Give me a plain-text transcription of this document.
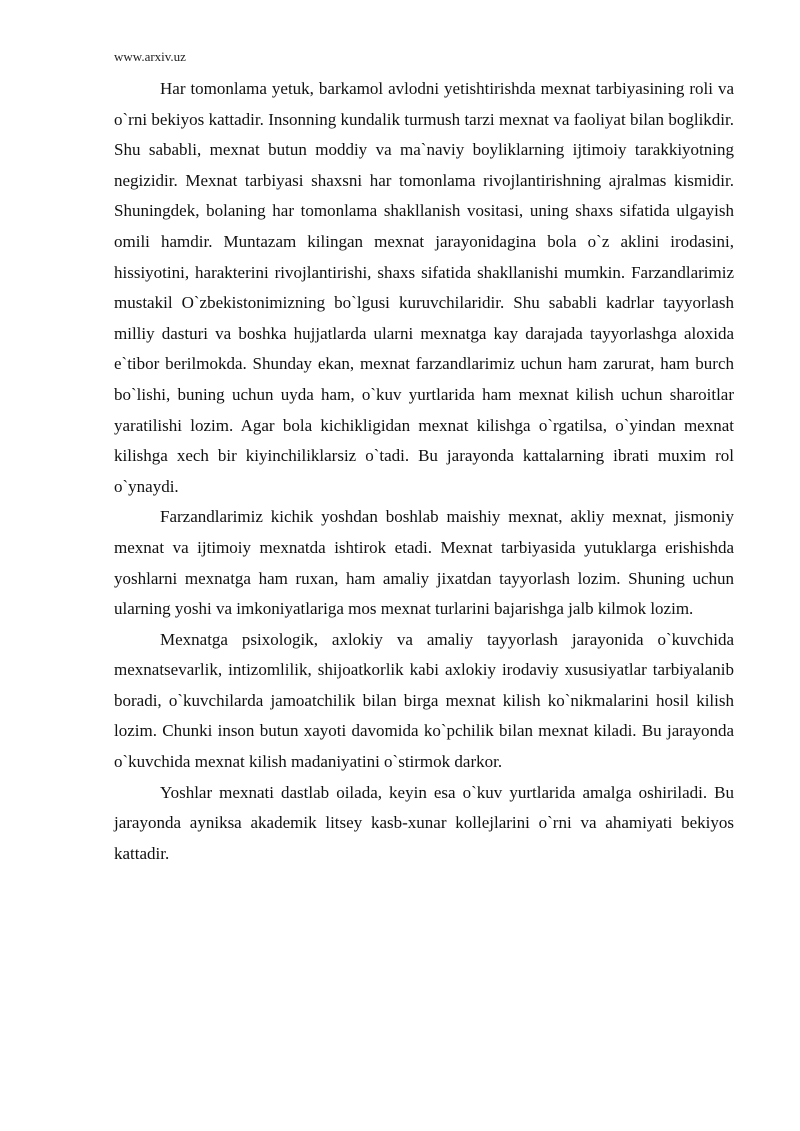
www.arxiv.uz

Har tomonlama yetuk, barkamol avlodni yetishtirishda mexnat tarbiyasining roli va o`rni bekiyos kattadir. Insonning kundalik turmush tarzi mexnat va faoliyat bilan boglikdir. Shu sababli, mexnat butun moddiy va ma`naviy boyliklarning ijtimoiy tarakkiyotning negizidir. Mexnat tarbiyasi shaxsni har tomonlama rivojlantirishning ajralmas kismidir. Shuningdek, bolaning har tomonlama shakllanish vositasi, uning shaxs sifatida ulgayish omili hamdir. Muntazam kilingan mexnat jarayonidagina bola o`z aklini irodasini, hissiyotini, harakterini rivojlantirishi, shaxs sifatida shakllanishi mumkin. Farzandlarimiz mustakil O`zbekistonimizning bo`lgusi kuruvchilaridir. Shu sababli kadrlar tayyorlash milliy dasturi va boshka hujjatlarda ularni mexnatga kay darajada tayyorlashga aloxida e`tibor berilmokda. Shunday ekan, mexnat farzandlarimiz uchun ham zarurat, ham burch bo`lishi, buning uchun uyda ham, o`kuv yurtlarida ham mexnat kilish uchun sharoitlar yaratilishi lozim. Agar bola kichikligidan mexnat kilishga o`rgatilsa, o`yindan mexnat kilishga xech bir kiyinchiliklarsiz o`tadi. Bu jarayonda kattalarning ibrati muxim rol o`ynaydi.

Farzandlarimiz kichik yoshdan boshlab maishiy mexnat, akliy mexnat, jismoniy mexnat va ijtimoiy mexnatda ishtirok etadi. Mexnat tarbiyasida yutuklarga erishishda yoshlarni mexnatga ham ruxan, ham amaliy jixatdan tayyorlash lozim. Shuning uchun ularning yoshi va imkoniyatlariga mos mexnat turlarini bajarishga jalb kilmok lozim.

Mexnatga psixologik, axlokiy va amaliy tayyorlash jarayonida o`kuvchida mexnatsevarlik, intizomlilik, shijoatkorlik kabi axlokiy irodaviy xususiyatlar tarbiyalanib boradi, o`kuvchilarda jamoatchilik bilan birga mexnat kilish ko`nikmalarini hosil kilish lozim. Chunki inson butun xayoti davomida ko`pchilik bilan mexnat kiladi. Bu jarayonda o`kuvchida mexnat kilish madaniyatini o`stirmok darkor.

Yoshlar mexnati dastlab oilada, keyin esa o`kuv yurtlarida amalga oshiriladi. Bu jarayonda ayniksa akademik litsey kasb-xunar kollejlarini o`rni va ahamiyati bekiyos kattadir.
